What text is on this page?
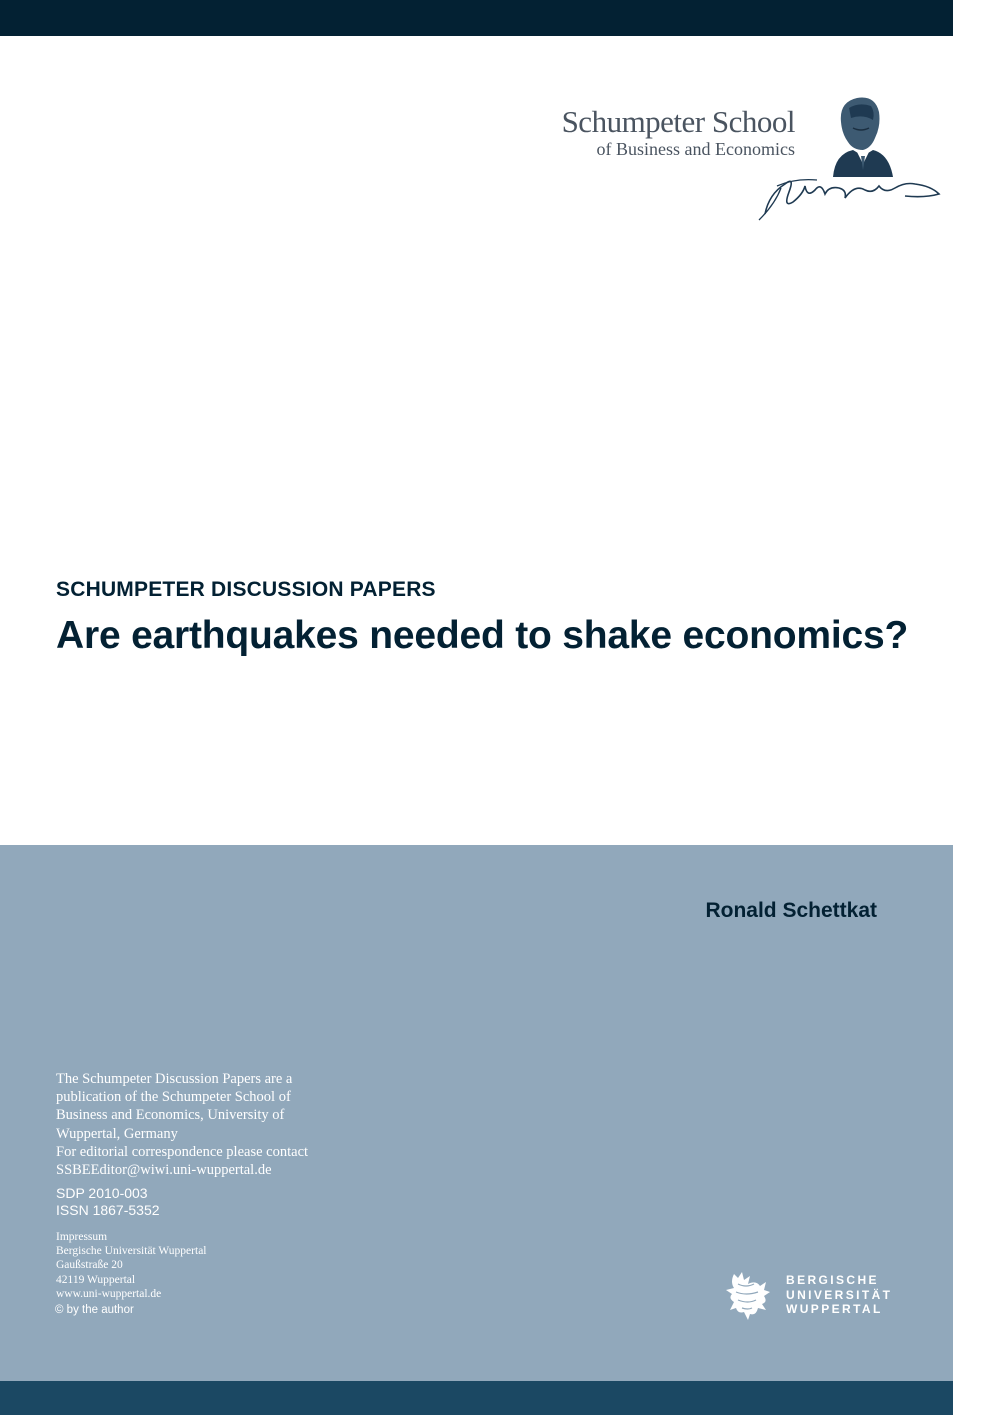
Schumpeter School
of Business and Economics
SCHUMPETER DISCUSSION PAPERS
Are earthquakes needed to shake economics?
Ronald Schettkat
The Schumpeter Discussion Papers are a
publication of the Schumpeter School of
Business and Economics, University of
Wuppertal, Germany
For editorial correspondence please contact
SSBEEditor@wiwi.uni-wuppertal.de
SDP 2010-003
ISSN 1867-5352
Impressum
Bergische Universität Wuppertal
Gaußstraße 20
42119 Wuppertal
www.uni-wuppertal.de
© by the author
BERGISCHE
UNIVERSITÄT
WUPPERTAL
